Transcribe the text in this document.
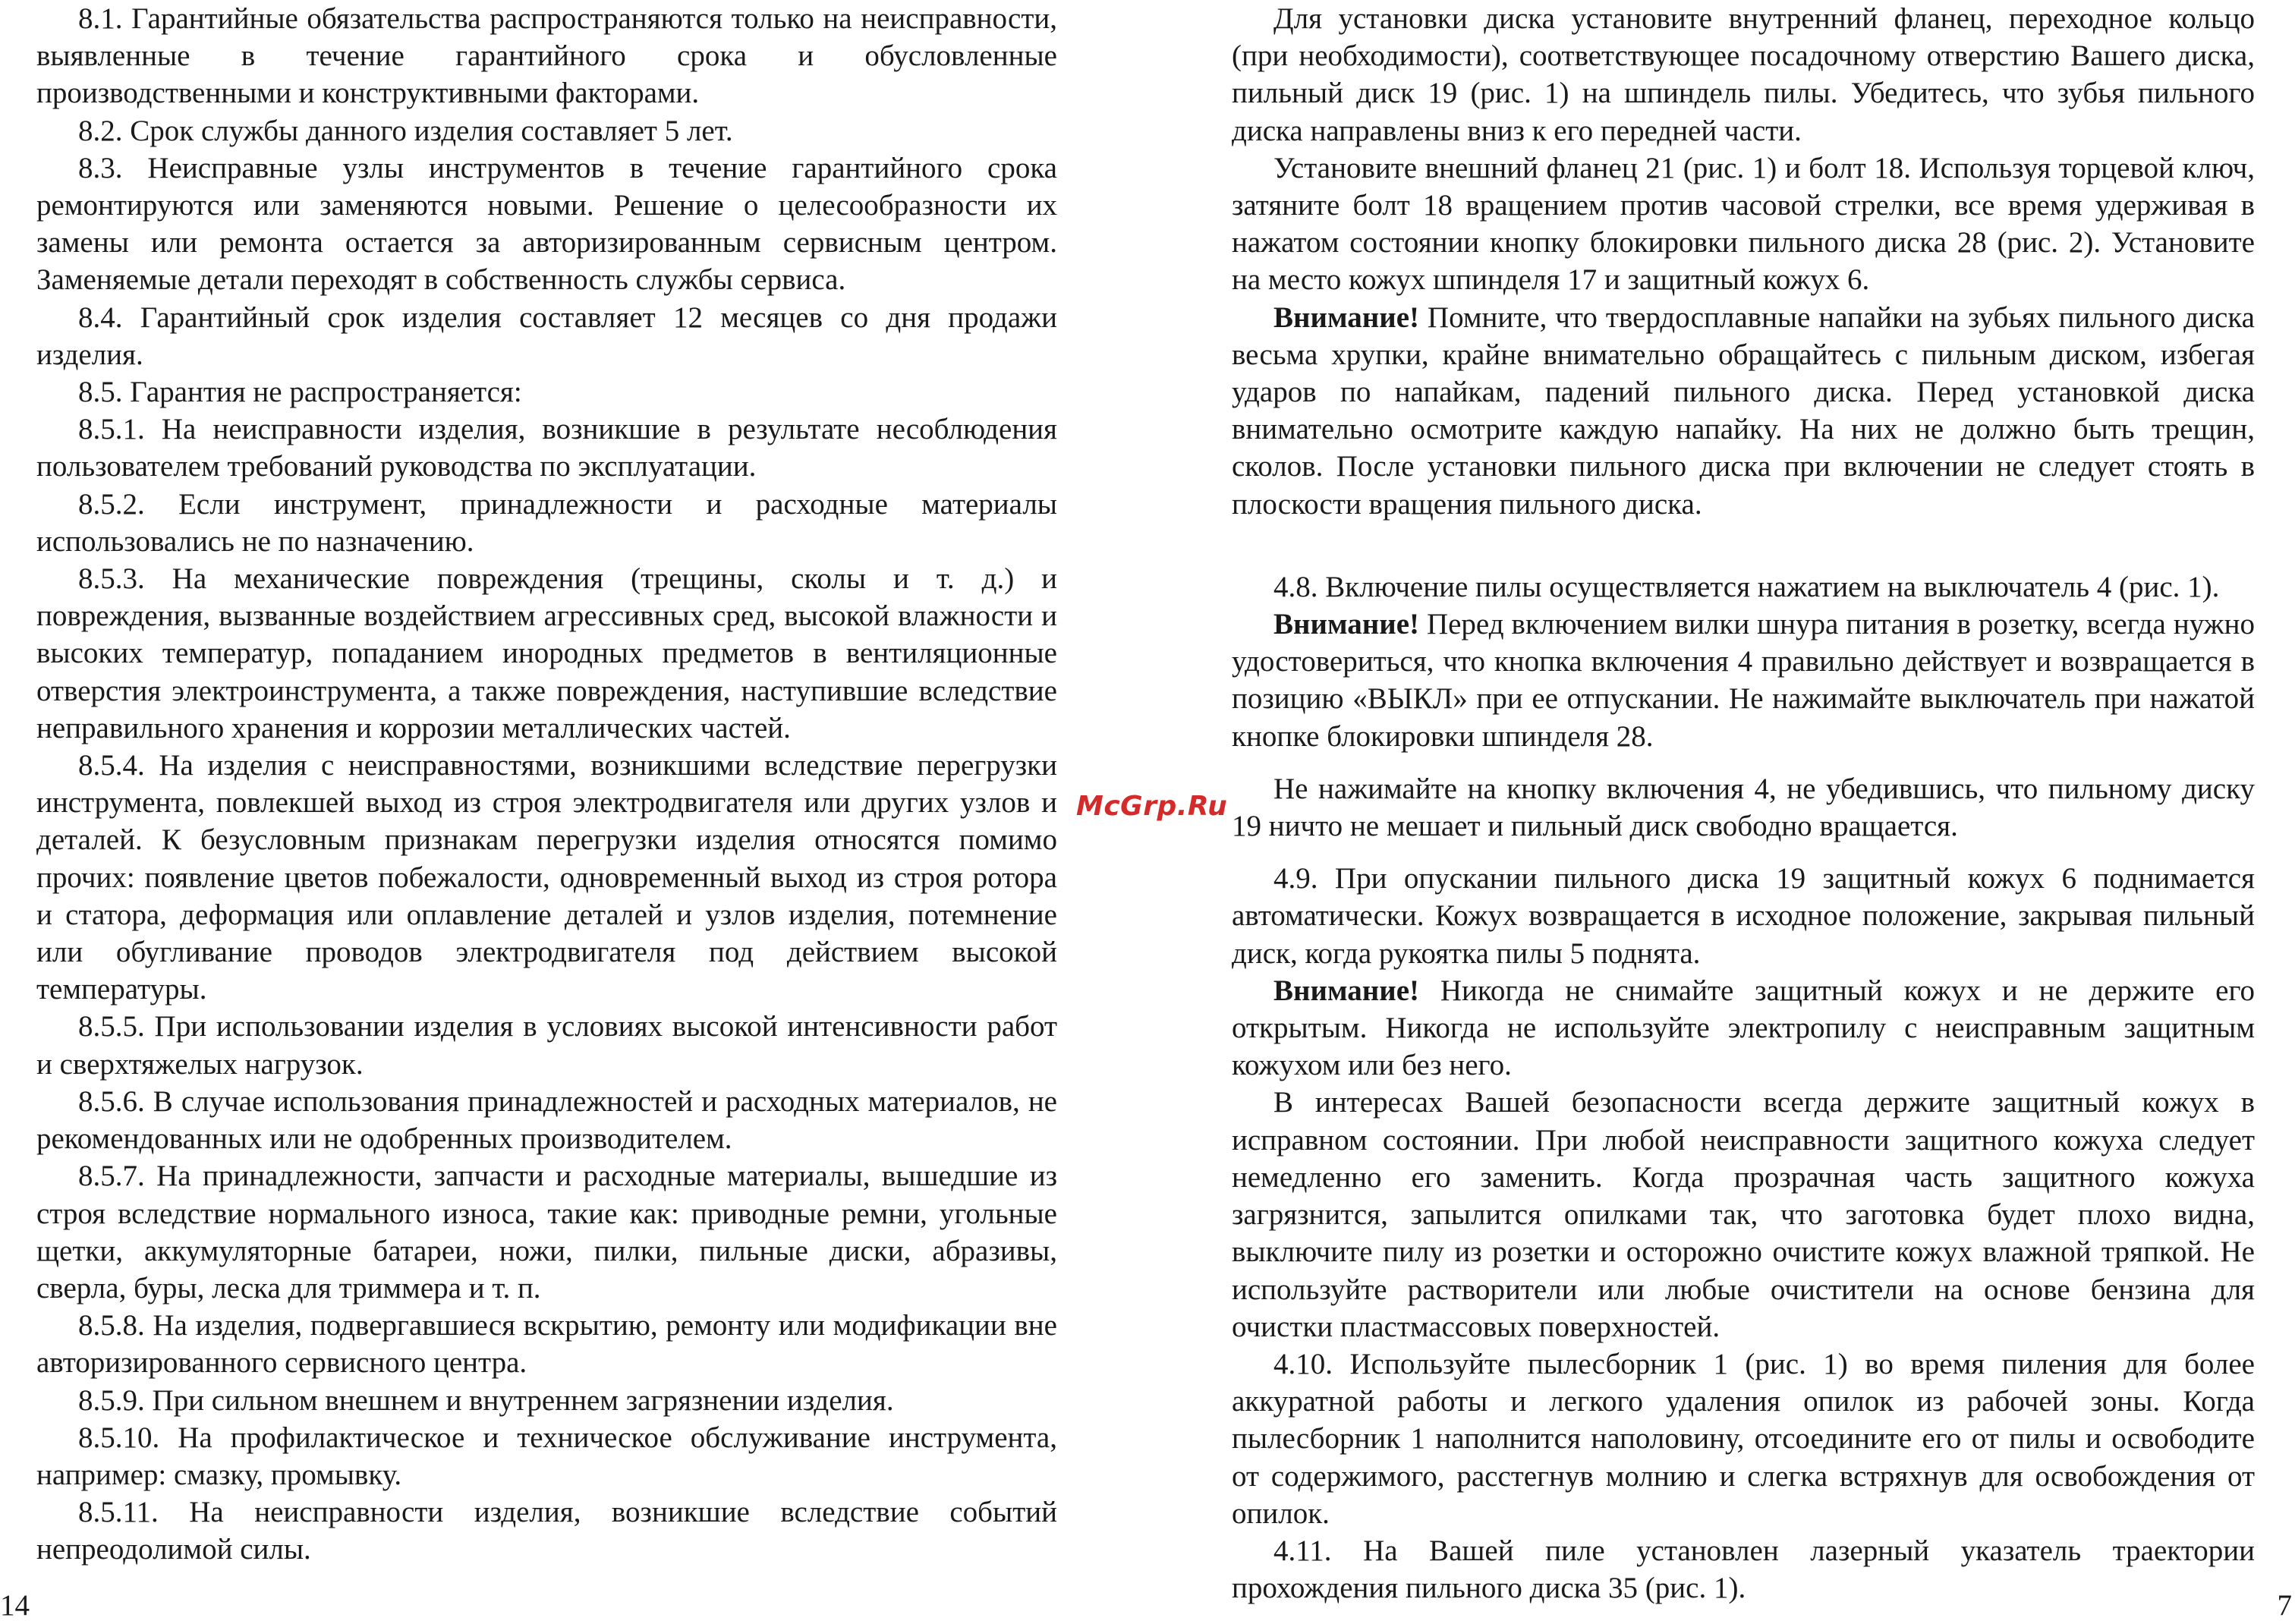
8.1. Гарантийные обязательства распространяются только на неисправности, выявленные в течение гарантийного срока и обусловленные производственными и конструктивными факторами.

8.2. Срок службы данного изделия составляет 5 лет.

8.3. Неисправные узлы инструментов в течение гарантийного срока ремонтируются или заменяются новыми. Решение о целесообразности их замены или ремонта остается за авторизированным сервисным центром. Заменяемые детали переходят в собственность службы сервиса.

8.4. Гарантийный срок изделия составляет 12 месяцев со дня продажи изделия.

8.5. Гарантия не распространяется:

8.5.1. На неисправности изделия, возникшие в результате несоблюдения пользователем требований руководства по эксплуатации.

8.5.2. Если инструмент, принадлежности и расходные материалы использовались не по назначению.

8.5.3. На механические повреждения (трещины, сколы и т. д.) и повреждения, вызванные воздействием агрессивных сред, высокой влажности и высоких температур, попаданием инородных предметов в вентиляционные отверстия электроинструмента, а также повреждения, наступившие вследствие неправильного хранения и коррозии металлических частей.

8.5.4. На изделия с неисправностями, возникшими вследствие перегрузки инструмента, повлекшей выход из строя электродвигателя или других узлов и деталей. К безусловным признакам перегрузки изделия относятся помимо прочих: появление цветов побежалости, одновременный выход из строя ротора и статора, деформация или оплавление деталей и узлов изделия, потемнение или обугливание проводов электродвигателя под действием высокой температуры.

8.5.5. При использовании изделия в условиях высокой интенсивности работ и сверхтяжелых нагрузок.

8.5.6. В случае использования принадлежностей и расходных материалов, не рекомендованных или не одобренных производителем.

8.5.7. На принадлежности, запчасти и расходные материалы, вышедшие из строя вследствие нормального износа, такие как: приводные ремни, угольные щетки, аккумуляторные батареи, ножи, пилки, пильные диски, абразивы, сверла, буры, леска для триммера и т. п.

8.5.8. На изделия, подвергавшиеся вскрытию, ремонту или модификации вне авторизированного сервисного центра.

8.5.9. При сильном внешнем и внутреннем загрязнении изделия.

8.5.10. На профилактическое и техническое обслуживание инструмента, например: смазку, промывку.

8.5.11. На неисправности изделия, возникшие вследствие событий непреодолимой силы.

Для установки диска установите внутренний фланец, переходное кольцо (при необходимости), соответствующее посадочному отверстию Вашего диска, пильный диск 19 (рис. 1) на шпиндель пилы. Убедитесь, что зубья пильного диска направлены вниз к его передней части.

Установите внешний фланец 21 (рис. 1) и болт 18. Используя торцевой ключ, затяните болт 18 вращением против часовой стрелки, все время удерживая в нажатом состоянии кнопку блокировки пильного диска 28 (рис. 2). Установите на место кожух шпинделя 17 и защитный кожух 6.

Внимание! Помните, что твердосплавные напайки на зубьях пильного диска весьма хрупки, крайне внимательно обращайтесь с пильным диском, избегая ударов по напайкам, падений пильного диска. Перед установкой диска внимательно осмотрите каждую напайку. На них не должно быть трещин, сколов. После установки пильного диска при включении не следует стоять в плоскости вращения пильного диска.

4.8. Включение пилы осуществляется нажатием на выключатель 4 (рис. 1).

Внимание! Перед включением вилки шнура питания в розетку, всегда нужно удостовериться, что кнопка включения 4 правильно действует и возвращается в позицию «ВЫКЛ» при ее отпускании. Не нажимайте выключатель при нажатой кнопке блокировки шпинделя 28.

Не нажимайте на кнопку включения 4, не убедившись, что пильному диску 19 ничто не мешает и пильный диск свободно вращается.

4.9. При опускании пильного диска 19 защитный кожух 6 поднимается автоматически. Кожух возвращается в исходное положение, закрывая пильный диск, когда рукоятка пилы 5 поднята.

Внимание! Никогда не снимайте защитный кожух и не держите его открытым. Никогда не используйте электропилу с неисправным защитным кожухом или без него.

В интересах Вашей безопасности всегда держите защитный кожух в исправном состоянии. При любой неисправности защитного кожуха следует немедленно его заменить. Когда прозрачная часть защитного кожуха загрязнится, запылится опилками так, что заготовка будет плохо видна, выключите пилу из розетки и осторожно очистите кожух влажной тряпкой. Не используйте растворители или любые очистители на основе бензина для очистки пластмассовых поверхностей.

4.10. Используйте пылесборник 1 (рис. 1) во время пиления для более аккуратной работы и легкого удаления опилок из рабочей зоны. Когда пылесборник 1 наполнится наполовину, отсоедините его от пилы и освободите от содержимого, расстегнув молнию и слегка встряхнув для освобождения от опилок.

4.11. На Вашей пиле установлен лазерный указатель траектории прохождения пильного диска 35 (рис. 1).

14	7
McGrp.Ru
